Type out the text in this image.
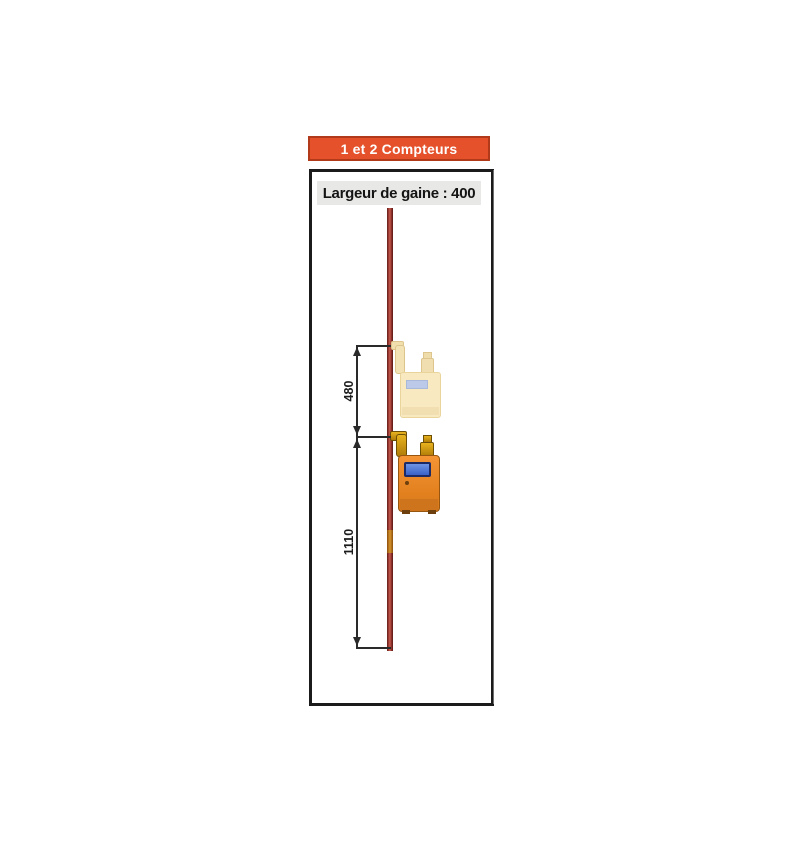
1 et 2 Compteurs
Largeur de gaine : 400
480
1110
